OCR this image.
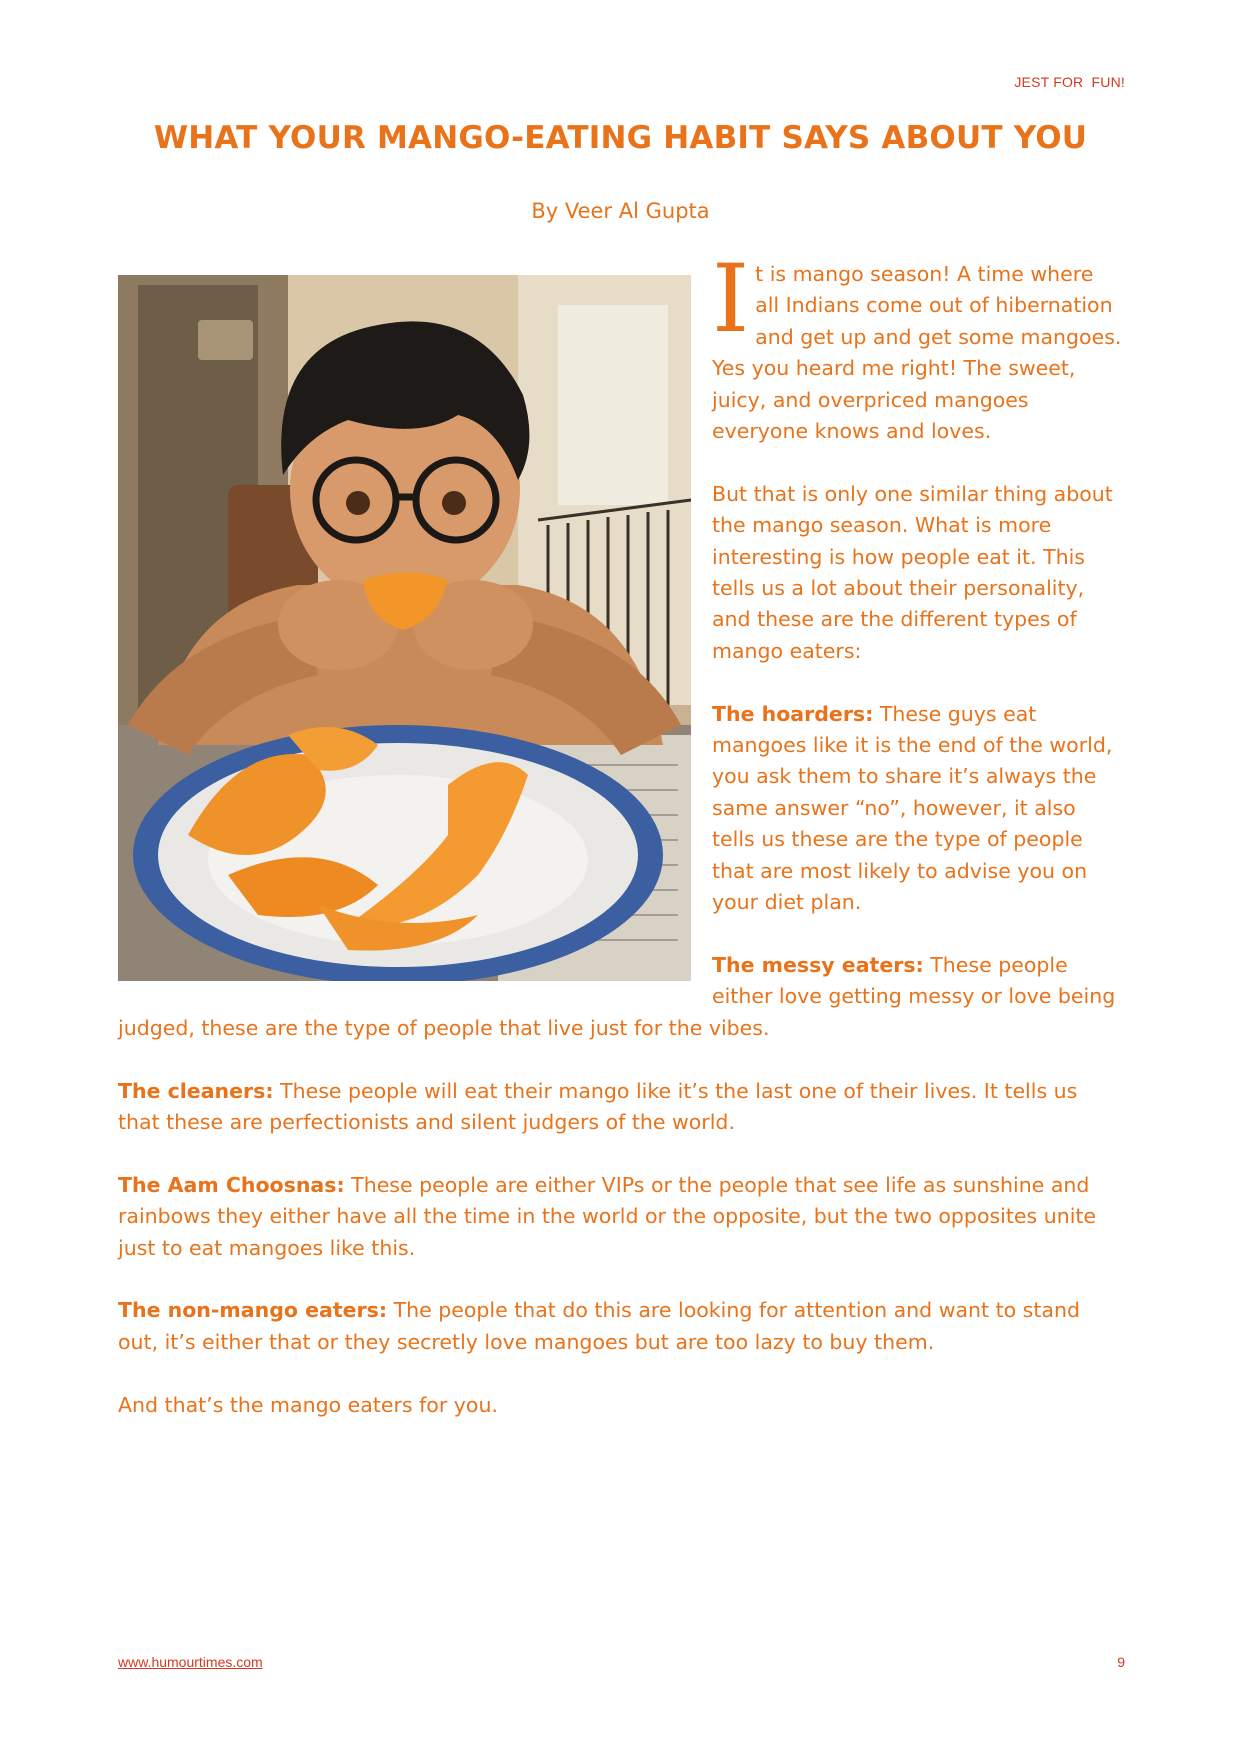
JEST FOR  FUN!
WHAT YOUR MANGO-EATING HABIT SAYS ABOUT YOU
By Veer Al Gupta
I t is mango season! A time where all Indians come out of hibernation and get up and get some mangoes.

Yes you heard me right! The sweet, juicy, and overpriced mangoes everyone knows and loves.

But that is only one similar thing about the mango season. What is more interesting is how people eat it. This tells us a lot about their personality, and these are the different types of mango eaters:

The hoarders: These guys eat mangoes like it is the end of the world, you ask them to share it’s always the same answer “no”, however, it also tells us these are the type of people that are most likely to advise you on your diet plan.

The messy eaters: These people either love getting messy or love being judged, these are the type of people that live just for the vibes.

The cleaners: These people will eat their mango like it’s the last one of their lives. It tells us that these are perfectionists and silent judgers of the world.

The Aam Choosnas: These people are either VIPs or the people that see life as sunshine and rainbows they either have all the time in the world or the opposite, but the two opposites unite just to eat mangoes like this.

The non-mango eaters: The people that do this are looking for attention and want to stand out, it’s either that or they secretly love mangoes but are too lazy to buy them.

And that’s the mango eaters for you.

www.humourtimes.com	9
